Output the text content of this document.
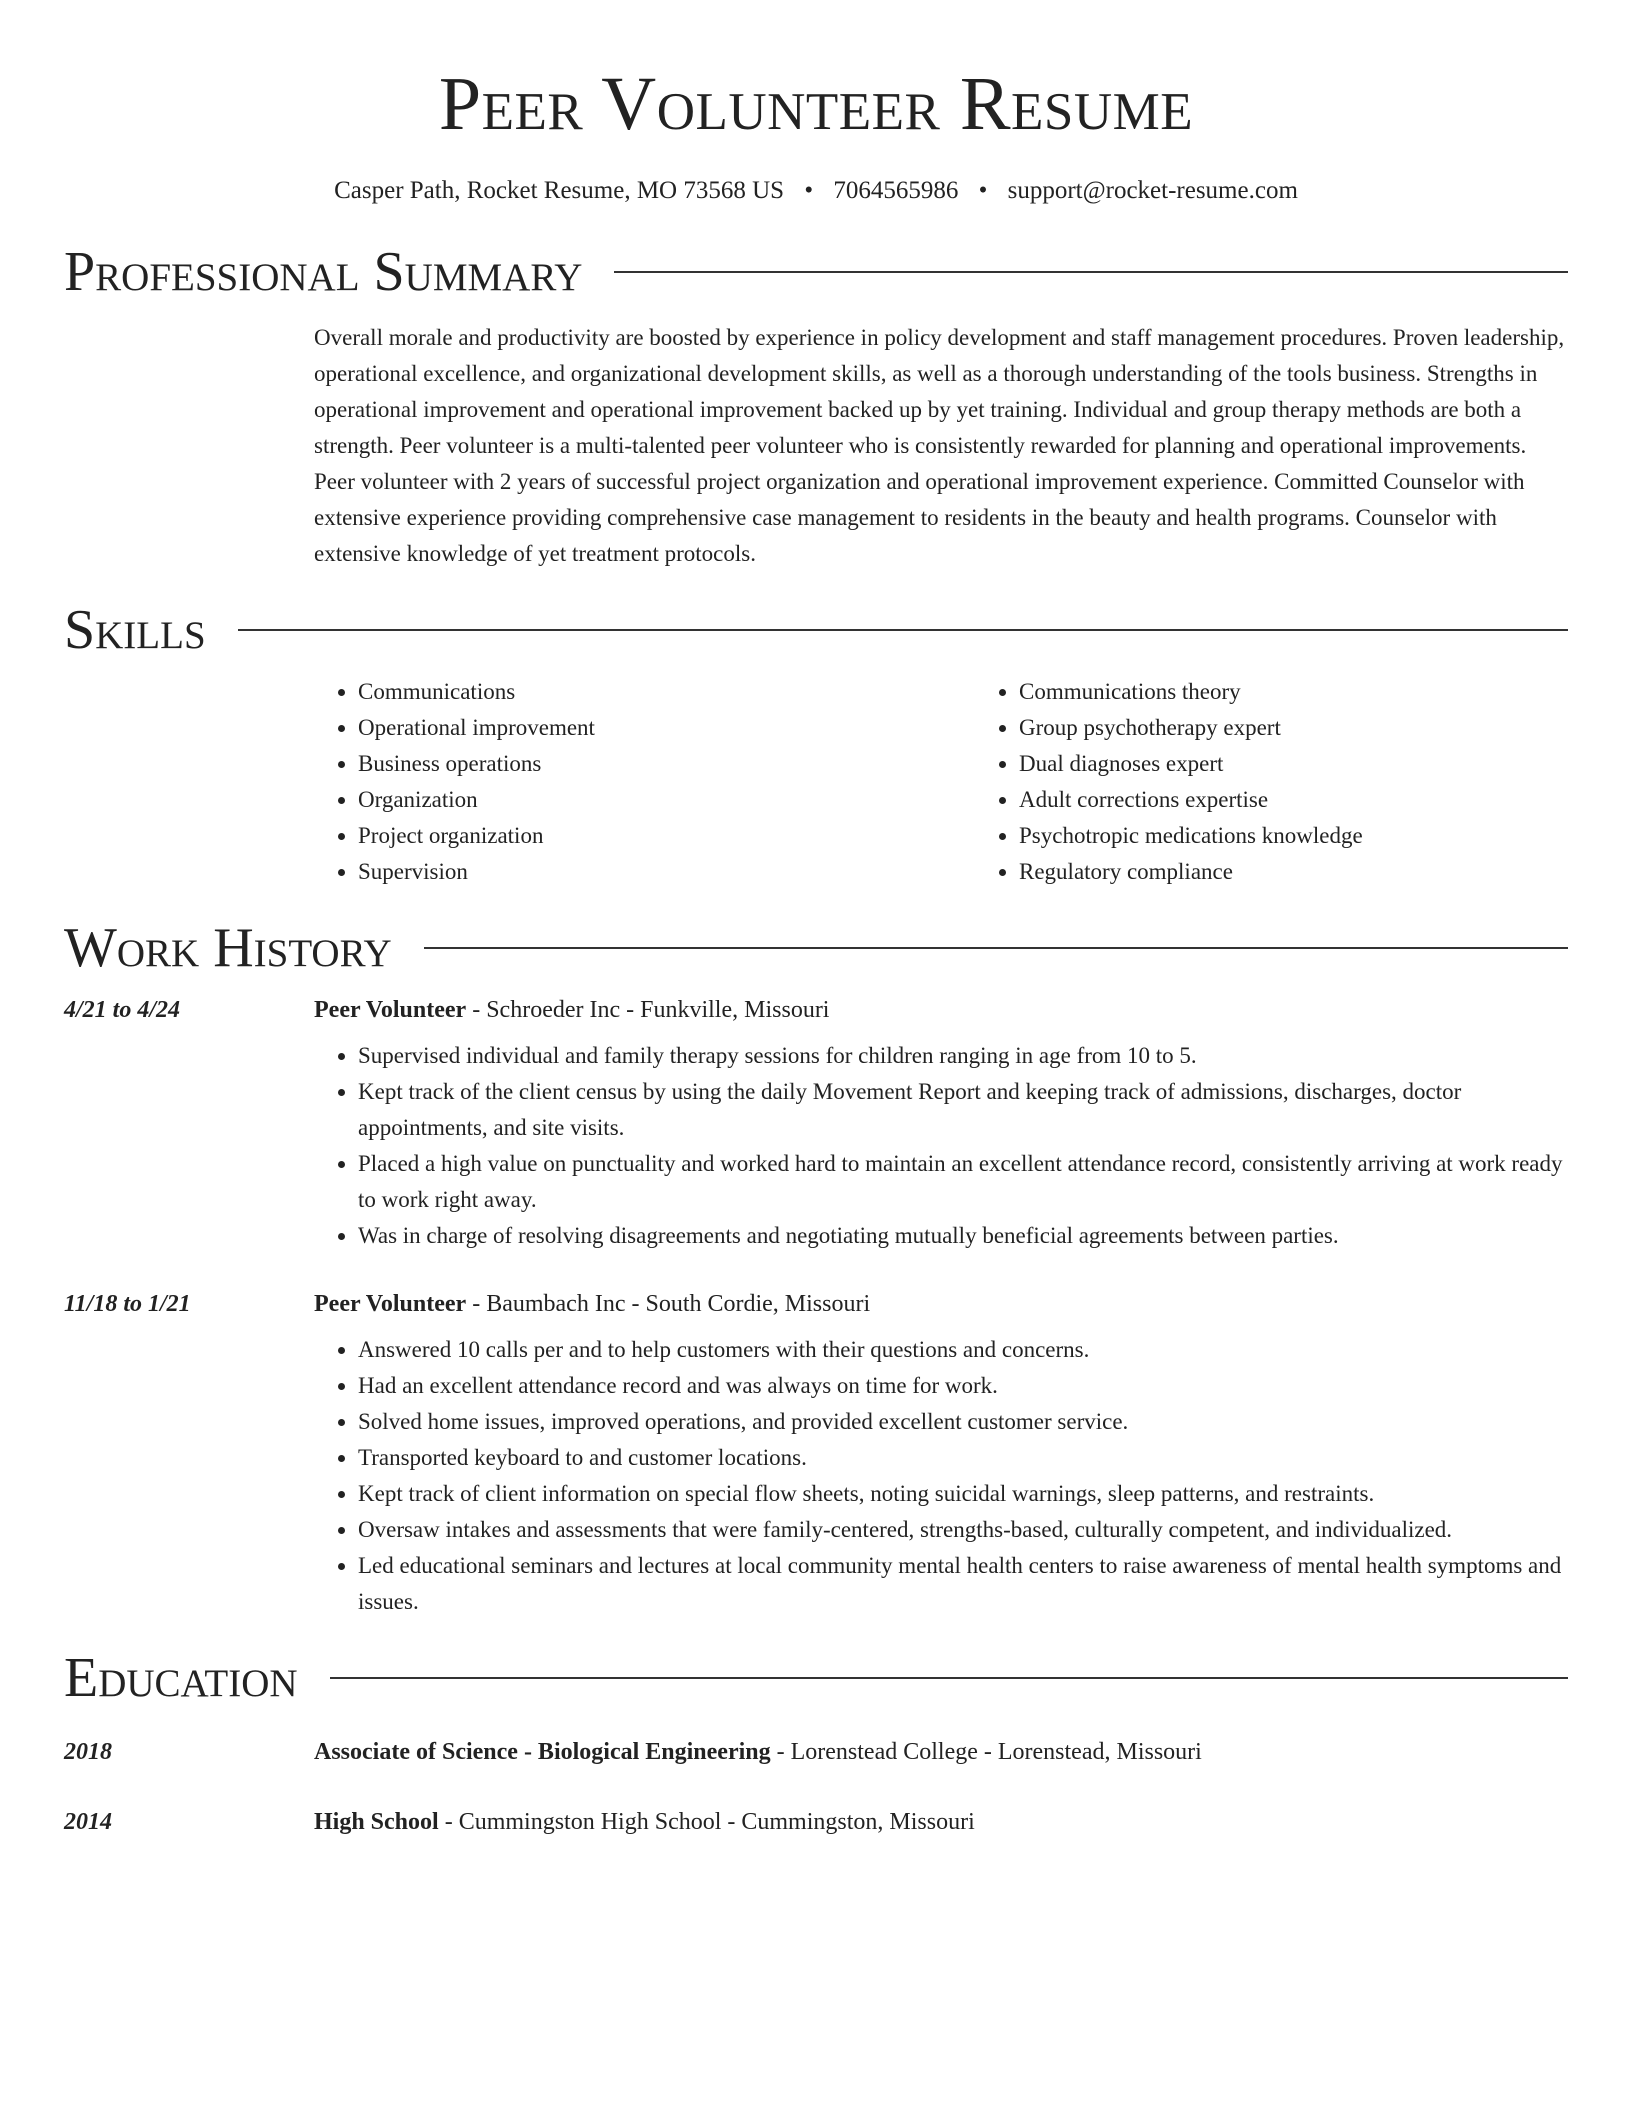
Peer Volunteer Resume
Casper Path, Rocket Resume, MO 73568 US • 7064565986 • support@rocket-resume.com
Professional Summary
Overall morale and productivity are boosted by experience in policy development and staff management procedures. Proven leadership, operational excellence, and organizational development skills, as well as a thorough understanding of the tools business. Strengths in operational improvement and operational improvement backed up by yet training. Individual and group therapy methods are both a strength. Peer volunteer is a multi-talented peer volunteer who is consistently rewarded for planning and operational improvements. Peer volunteer with 2 years of successful project organization and operational improvement experience. Committed Counselor with extensive experience providing comprehensive case management to residents in the beauty and health programs. Counselor with extensive knowledge of yet treatment protocols.
Skills
• Communications
• Operational improvement
• Business operations
• Organization
• Project organization
• Supervision
• Communications theory
• Group psychotherapy expert
• Dual diagnoses expert
• Adult corrections expertise
• Psychotropic medications knowledge
• Regulatory compliance
Work History
4/21 to 4/24	Peer Volunteer - Schroeder Inc - Funkville, Missouri
• Supervised individual and family therapy sessions for children ranging in age from 10 to 5.
• Kept track of the client census by using the daily Movement Report and keeping track of admissions, discharges, doctor appointments, and site visits.
• Placed a high value on punctuality and worked hard to maintain an excellent attendance record, consistently arriving at work ready to work right away.
• Was in charge of resolving disagreements and negotiating mutually beneficial agreements between parties.
11/18 to 1/21	Peer Volunteer - Baumbach Inc - South Cordie, Missouri
• Answered 10 calls per and to help customers with their questions and concerns.
• Had an excellent attendance record and was always on time for work.
• Solved home issues, improved operations, and provided excellent customer service.
• Transported keyboard to and customer locations.
• Kept track of client information on special flow sheets, noting suicidal warnings, sleep patterns, and restraints.
• Oversaw intakes and assessments that were family-centered, strengths-based, culturally competent, and individualized.
• Led educational seminars and lectures at local community mental health centers to raise awareness of mental health symptoms and issues.
Education
2018	Associate of Science - Biological Engineering - Lorenstead College - Lorenstead, Missouri
2014	High School - Cummingston High School - Cummingston, Missouri
